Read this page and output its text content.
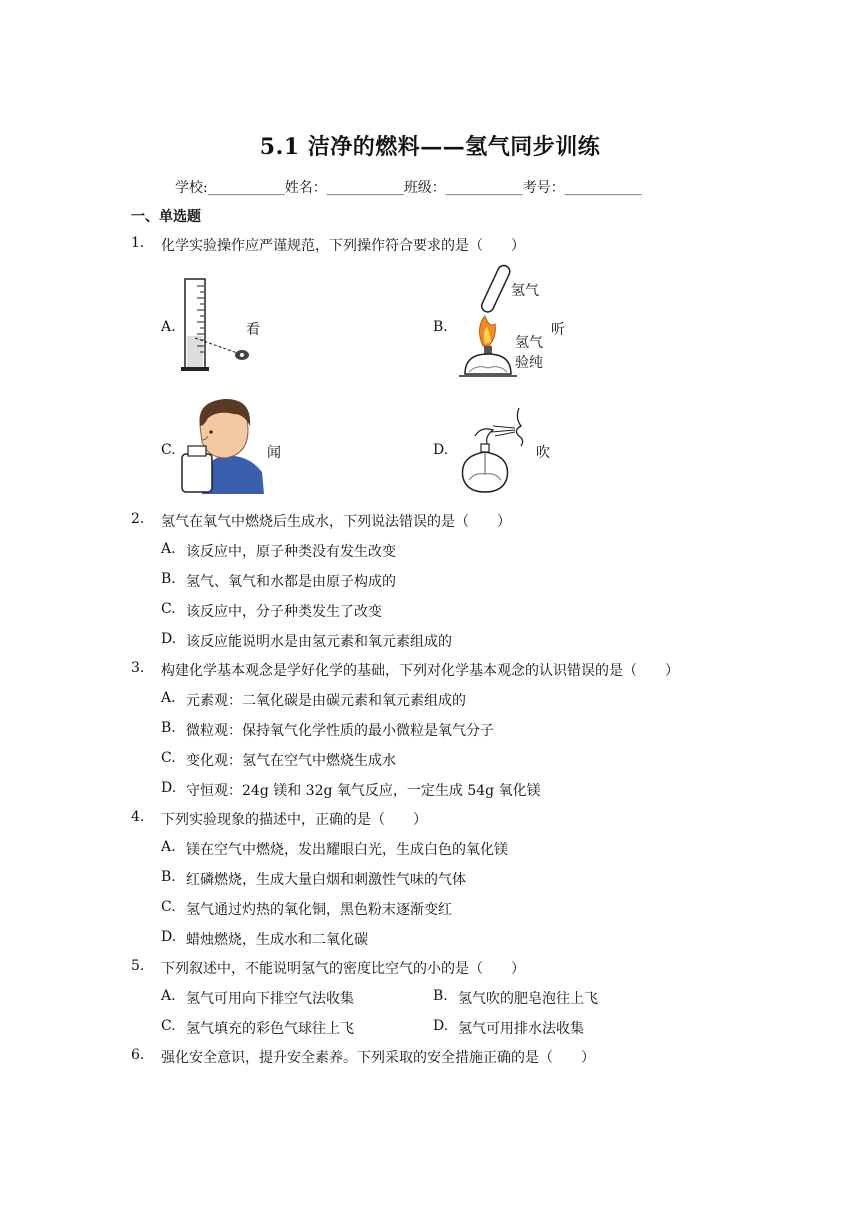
5.1 洁净的燃料——氢气同步训练
学校:___________姓名：___________班级：___________考号：___________
一、单选题
1. 化学实验操作应严谨规范，下列操作符合要求的是（　　）
A.	看	B.
氢气
氢气
验纯
听
C.	闻	D.	吹
2. 氢气在氧气中燃烧后生成水，下列说法错误的是（　　）
A. 该反应中，原子种类没有发生改变
B. 氢气、氧气和水都是由原子构成的
C. 该反应中，分子种类发生了改变
D. 该反应能说明水是由氢元素和氧元素组成的
3. 构建化学基本观念是学好化学的基础，下列对化学基本观念的认识错误的是（　　）
A. 元素观：二氧化碳是由碳元素和氧元素组成的
B. 微粒观：保持氧气化学性质的最小微粒是氧气分子
C. 变化观：氢气在空气中燃烧生成水
D. 守恒观：24g 镁和 32g 氧气反应，一定生成 54g 氧化镁
4. 下列实验现象的描述中，正确的是（　　）
A. 镁在空气中燃烧，发出耀眼白光，生成白色的氧化镁
B. 红磷燃烧，生成大量白烟和刺激性气味的气体
C. 氢气通过灼热的氧化铜，黑色粉末逐渐变红
D. 蜡烛燃烧，生成水和二氧化碳
5. 下列叙述中，不能说明氢气的密度比空气的小的是（　　）
A. 氢气可用向下排空气法收集	B. 氢气吹的肥皂泡往上飞
C. 氢气填充的彩色气球往上飞	D. 氢气可用排水法收集
6. 强化安全意识，提升安全素养。下列采取的安全措施正确的是（　　）
